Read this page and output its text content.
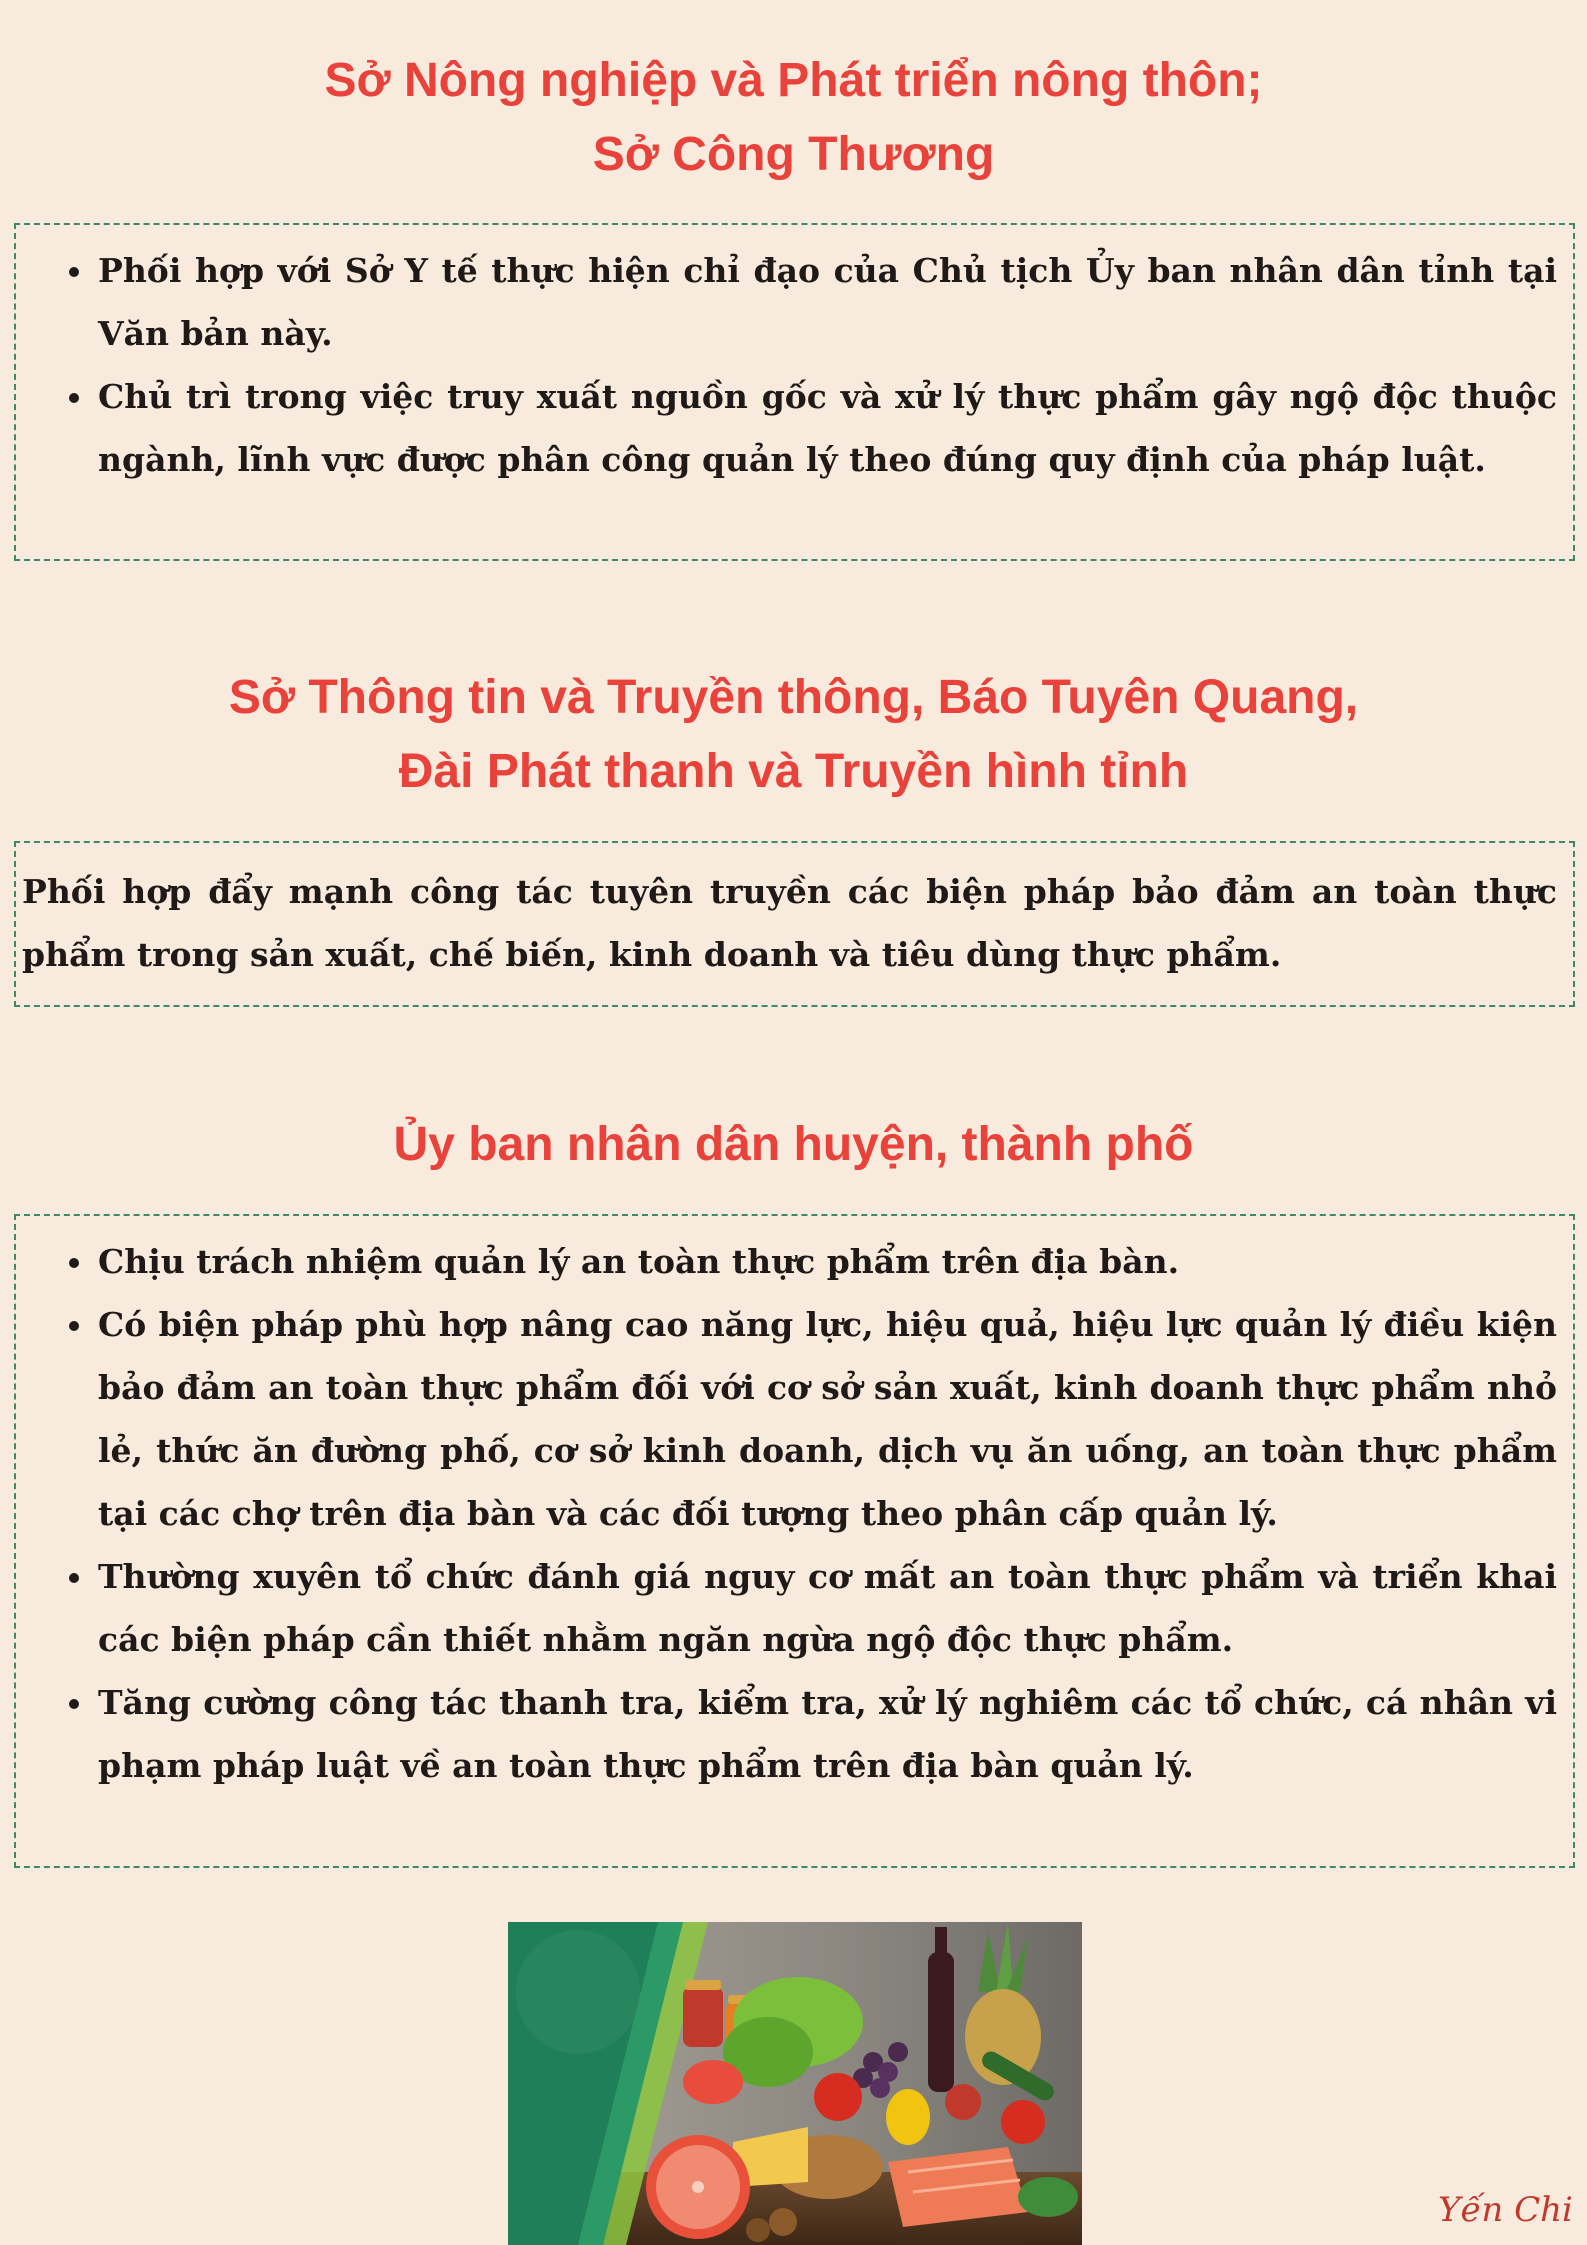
Sở Nông nghiệp và Phát triển nông thôn;
Sở Công Thương
Phối hợp với Sở Y tế thực hiện chỉ đạo của Chủ tịch Ủy ban nhân dân tỉnh tại Văn bản này.
Chủ trì trong việc truy xuất nguồn gốc và xử lý thực phẩm gây ngộ độc thuộc ngành, lĩnh vực được phân công quản lý theo đúng quy định của pháp luật.
Sở Thông tin và Truyền thông, Báo Tuyên Quang,
Đài Phát thanh và Truyền hình tỉnh

Phối hợp đẩy mạnh công tác tuyên truyền các biện pháp bảo đảm an toàn thực phẩm trong sản xuất, chế biến, kinh doanh và tiêu dùng thực phẩm.

Ủy ban nhân dân huyện, thành phố
Chịu trách nhiệm quản lý an toàn thực phẩm trên địa bàn.
Có biện pháp phù hợp nâng cao năng lực, hiệu quả, hiệu lực quản lý điều kiện bảo đảm an toàn thực phẩm đối với cơ sở sản xuất, kinh doanh thực phẩm nhỏ lẻ, thức ăn đường phố, cơ sở kinh doanh, dịch vụ ăn uống, an toàn thực phẩm tại các chợ trên địa bàn và các đối tượng theo phân cấp quản lý.
Thường xuyên tổ chức đánh giá nguy cơ mất an toàn thực phẩm và triển khai các biện pháp cần thiết nhằm ngăn ngừa ngộ độc thực phẩm.
Tăng cường công tác thanh tra, kiểm tra, xử lý nghiêm các tổ chức, cá nhân vi phạm pháp luật về an toàn thực phẩm trên địa bàn quản lý.
Yến Chi
